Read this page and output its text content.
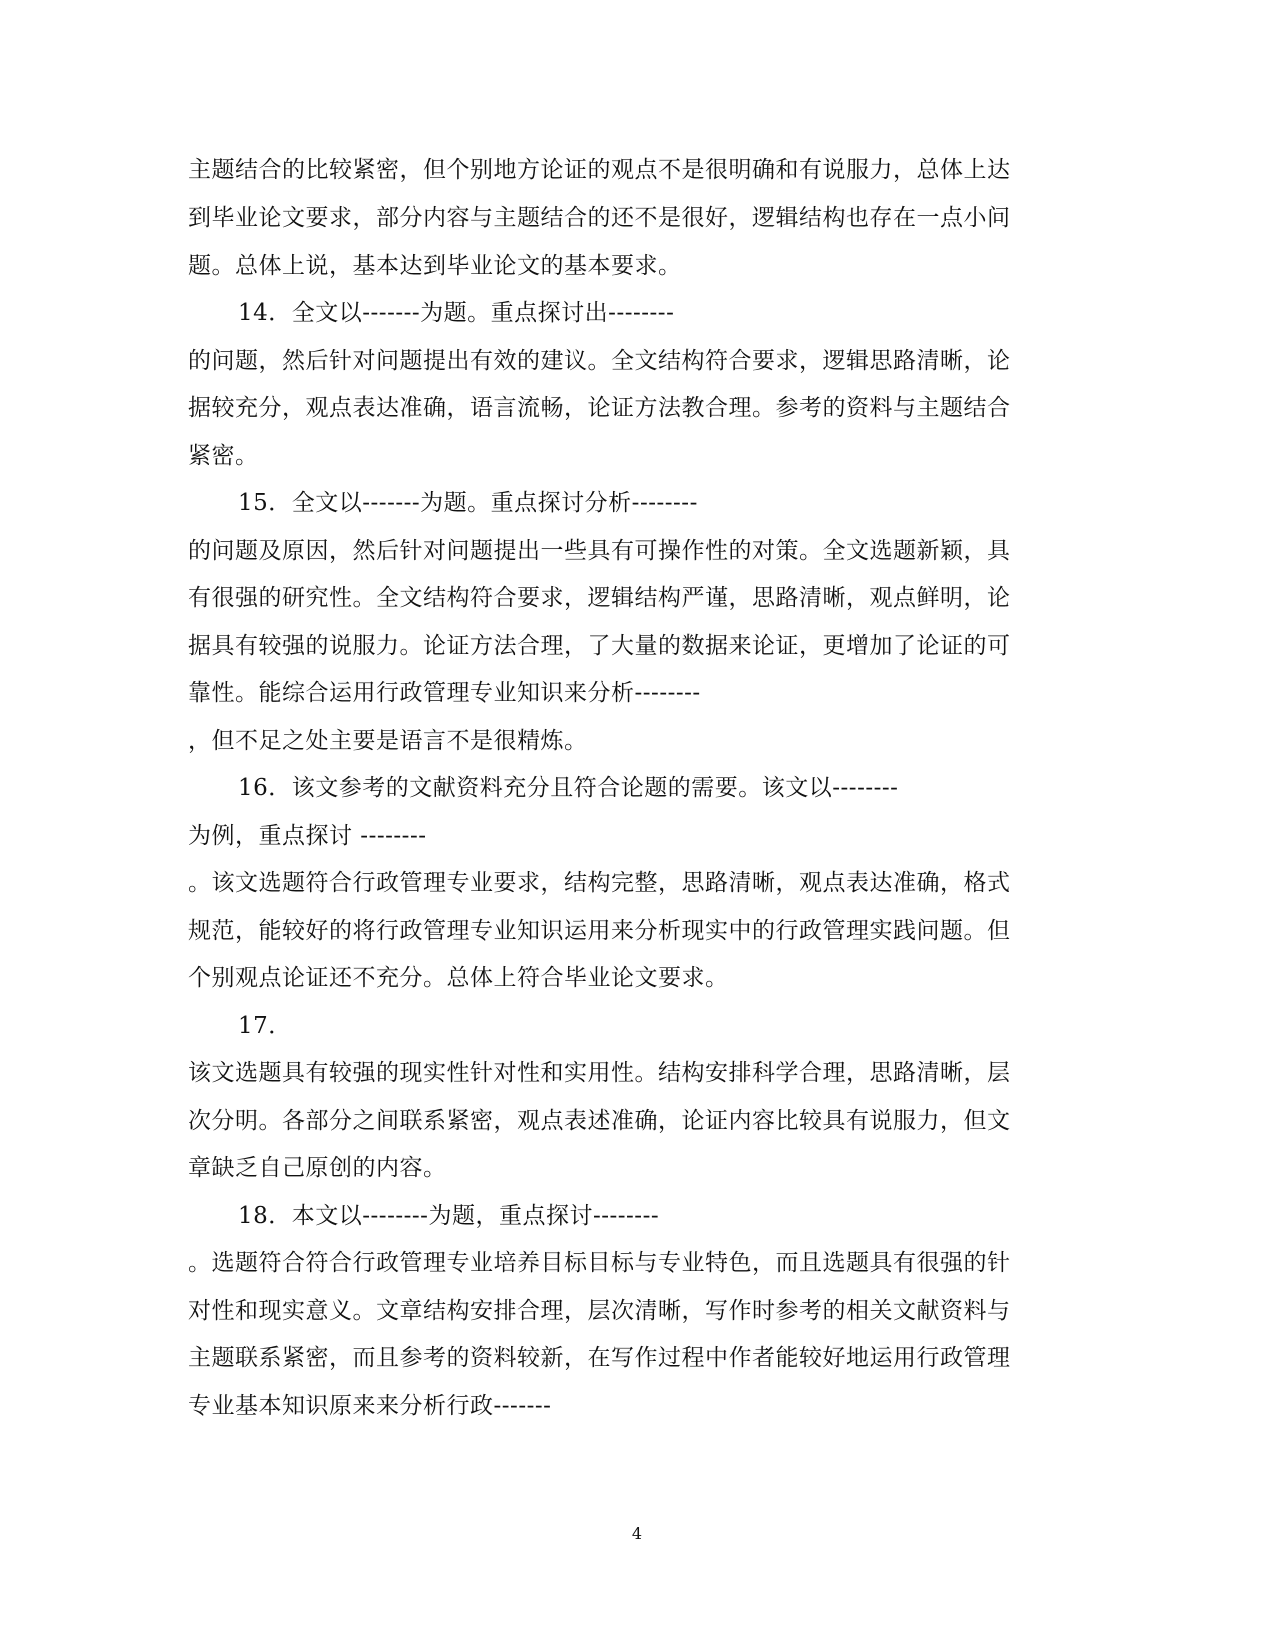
主题结合的比较紧密，但个别地方论证的观点不是很明确和有说服力，总体上达
到毕业论文要求，部分内容与主题结合的还不是很好，逻辑结构也存在一点小问
题。总体上说，基本达到毕业论文的基本要求。
14．全文以-------为题。重点探讨出--------
的问题，然后针对问题提出有效的建议。全文结构符合要求，逻辑思路清晰，论
据较充分，观点表达准确，语言流畅，论证方法教合理。参考的资料与主题结合
紧密。
15．全文以-------为题。重点探讨分析--------
的问题及原因，然后针对问题提出一些具有可操作性的对策。全文选题新颖，具
有很强的研究性。全文结构符合要求，逻辑结构严谨，思路清晰，观点鲜明，论
据具有较强的说服力。论证方法合理，了大量的数据来论证，更增加了论证的可
靠性。能综合运用行政管理专业知识来分析--------
，但不足之处主要是语言不是很精炼。
16．该文参考的文献资料充分且符合论题的需要。该文以--------
为例，重点探讨 --------
。该文选题符合行政管理专业要求，结构完整，思路清晰，观点表达准确，格式
规范，能较好的将行政管理专业知识运用来分析现实中的行政管理实践问题。但
个别观点论证还不充分。总体上符合毕业论文要求。
17．
该文选题具有较强的现实性针对性和实用性。结构安排科学合理，思路清晰，层
次分明。各部分之间联系紧密，观点表述准确，论证内容比较具有说服力，但文
章缺乏自己原创的内容。
18．本文以--------为题，重点探讨--------
。选题符合符合行政管理专业培养目标目标与专业特色，而且选题具有很强的针
对性和现实意义。文章结构安排合理，层次清晰，写作时参考的相关文献资料与
主题联系紧密，而且参考的资料较新，在写作过程中作者能较好地运用行政管理
专业基本知识原来来分析行政-------
4
